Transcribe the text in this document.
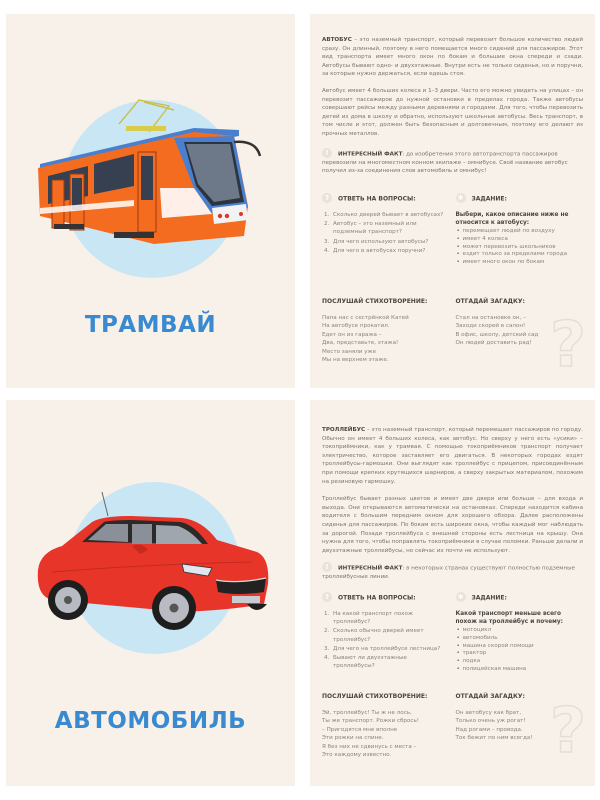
ТРАМВАЙ

АВТОБУС – это наземный транспорт, который перевозит большое количество людей сразу. Он длинный, поэтому в него помещается много сидений для пассажиров. Этот вид транспорта имеет много окон по бокам и большие окна спереди и сзади. Автобусы бывают одно- и двухэтажные. Внутри есть не только сиденья, но и поручни, за которые нужно держаться, если едешь стоя.

Автобус имеет 4 больших колеса и 1–3 двери. Часто его можно увидеть на улицах – он перевозит пассажиров до нужной остановки в пределах города. Также автобусы совершают рейсы между разными деревнями и городами. Для того, чтобы перевозить детей из дома в школу и обратно, используют школьные автобусы. Весь транспорт, в том числе и этот, должен быть безопасным и долговечным, поэтому его делают из прочных металлов.

!ИНТЕРЕСНЫЙ ФАКТ: до изобретения этого автотранспорта пассажиров перевозили на многоместном конном экипаже – омнибусе. Своё название автобус получил из-за соединения слов автомобиль и омнибус!

?ОТВЕТЬ НА ВОПРОСЫ:
1. Сколько дверей бывает в автобусах?
2. Автобус – это наземный или подземный транспорт?
3. Для чего используют автобусы?
4. Для чего в автобусах поручни?
✱ЗАДАНИЕ:
Выбери, какое описание ниже не относится к автобусу:
• перемещает людей по воздуху
• имеет 4 колеса
• может перевозить школьников
• ездит только за пределами города
• имеет много окон по бокам
ПОСЛУШАЙ СТИХОТВОРЕНИЕ:
Папа нас с сестрёнкой Катей
На автобусе прокатил.
Едет он из гаража –
Два, представьте, этажа!
Место заняли уже
Мы на верхнем этаже.
ОТГАДАЙ ЗАГАДКУ:
Стал на остановке он, –
Заходи скорей в салон!
В офис, школу, детский сад
Он людей доставить рад! ?
АВТОМОБИЛЬ

ТРОЛЛЕЙБУС – это наземный транспорт, который перемещает пассажиров по городу. Обычно он имеет 4 больших колеса, как автобус. Но сверху у него есть «усики» – токоприёмники, как у трамвая. С помощью токоприёмников транспорт получает электричество, которое заставляет его двигаться. В некоторых городах ездят троллейбусы-гармошки. Они выглядят как троллейбус с прицепом, присоединённым при помощи крепких крутящихся шарниров, а сверху закрытых материалом, похожим на резиновую гармошку.

Троллейбус бывает разных цветов и имеет две двери или больше – для входа и выхода. Они открываются автоматически на остановках. Спереди находится кабина водителя с большим передним окном для хорошего обзора. Далее расположены сиденья для пассажиров. По бокам есть широкие окна, чтобы каждый мог наблюдать за дорогой. Позади троллейбуса с внешней стороны есть лестница на крышу. Она нужна для того, чтобы поправлять токоприёмники в случае поломки. Раньше делали и двухэтажные троллейбусы, но сейчас их почти не используют.

!ИНТЕРЕСНЫЙ ФАКТ: в некоторых странах существуют полностью подземные троллейбусные линии.

?ОТВЕТЬ НА ВОПРОСЫ:
1. На какой транспорт похож троллейбус?
2. Сколько обычно дверей имеет троллейбус?
3. Для чего на троллейбусе лестница?
4. Бывают ли двухэтажные троллейбусы?
✱ЗАДАНИЕ:
Какой транспорт меньше всего похож на троллейбус и почему:
• мотоцикл
• автомобиль
• машина скорой помощи
• трактор
• лодка
• полицейская машина
ПОСЛУШАЙ СТИХОТВОРЕНИЕ:
Эй, троллейбус! Ты ж не лось,
Ты же транспорт. Рожки сбрось!
– Пригодятся мне вполне
Эти рожки на спине.
Я без них не сдвинусь с места –
Это каждому известно.
ОТГАДАЙ ЗАГАДКУ:
Он автобусу как брат,
Только очень уж рогат!
Над рогами – провода.
Ток бежит по ним всегда! ?
